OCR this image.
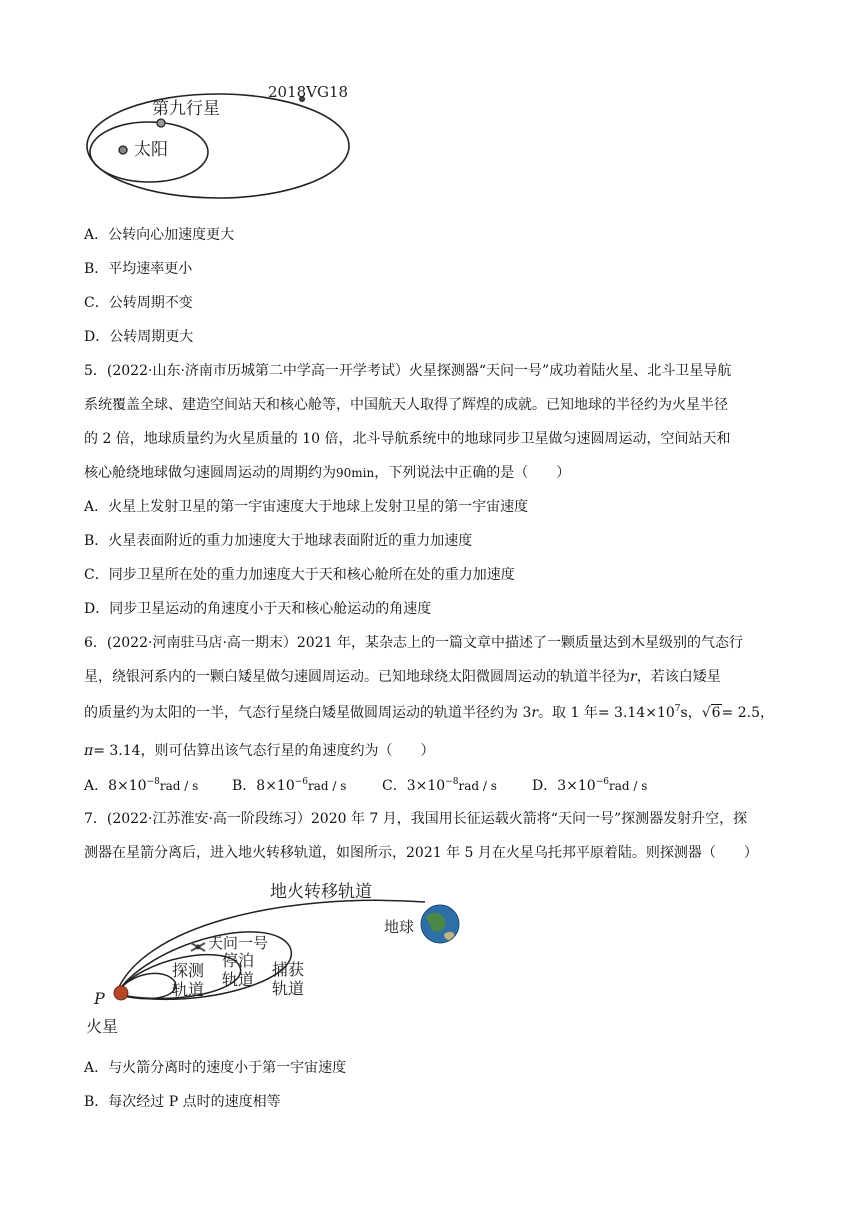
第九行星
2018VG18
太阳
A．公转向心加速度更大
B．平均速率更小
C．公转周期不变
D．公转周期更大
5．(2022·山东·济南市历城第二中学高一开学考试）火星探测器“天问一号”成功着陆火星、北斗卫星导航
系统覆盖全球、建造空间站天和核心舱等，中国航天人取得了辉煌的成就。已知地球的半径约为火星半径
的 2 倍，地球质量约为火星质量的 10 倍，北斗导航系统中的地球同步卫星做匀速圆周运动，空间站天和
核心舱绕地球做匀速圆周运动的周期约为90min，下列说法中正确的是（　　）
A．火星上发射卫星的第一宇宙速度大于地球上发射卫星的第一宇宙速度
B．火星表面附近的重力加速度大于地球表面附近的重力加速度
C．同步卫星所在处的重力加速度大于天和核心舱所在处的重力加速度
D．同步卫星运动的角速度小于天和核心舱运动的角速度
6．(2022·河南驻马店·高一期末）2021 年，某杂志上的一篇文章中描述了一颗质量达到木星级别的气态行
星，绕银河系内的一颗白矮星做匀速圆周运动。已知地球绕太阳微圆周运动的轨道半径为r，若该白矮星
的质量约为太阳的一半，气态行星绕白矮星做圆周运动的轨道半径约为 3r。取 1 年= $3.14\times 10^7s$，√6= 2.5，
π= 3.14，则可估算出该气态行星的角速度约为（　　）
A．$8\times 10^{-8}rad / s$ B．$8\times 10^{-6}rad / s$	C．$3\times 10^{-8}rad / s$	D．$3\times 10^{-6}rad / s$
7．(2022·江苏淮安·高一阶段练习）2020 年 7 月，我国用长征运载火箭将“天问一号”探测器发射升空，探
测器在星箭分离后，进入地火转移轨道，如图所示，2021 年 5 月在火星乌托邦平原着陆。则探测器（　　）
地火转移轨道
地球
天问一号
探测
轨道
停泊
轨道
捕获
轨道
P
火星
A．与火箭分离时的速度小于第一宇宙速度
B．每次经过 P 点时的速度相等
